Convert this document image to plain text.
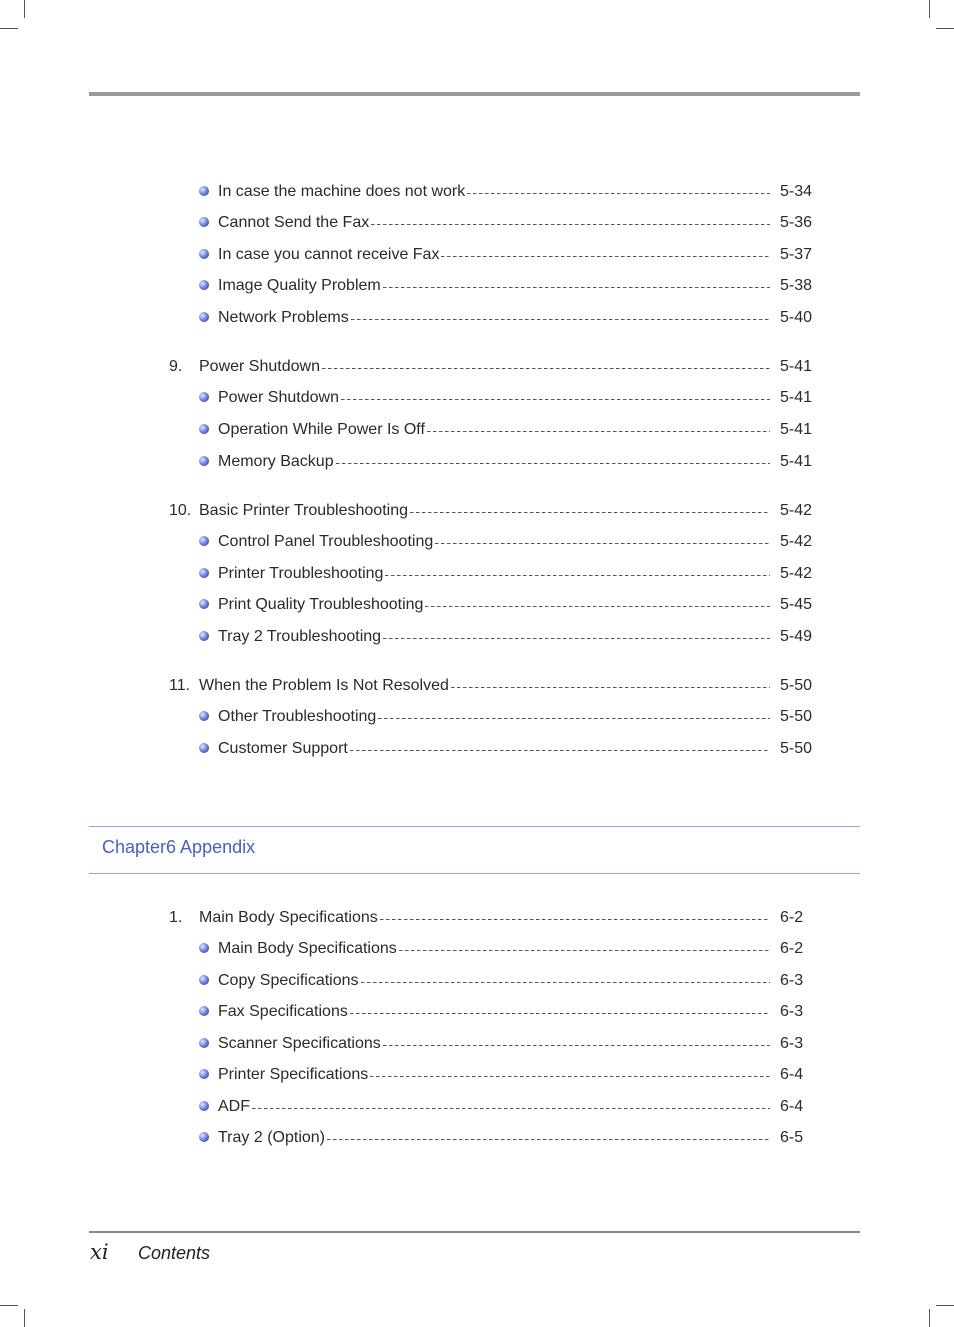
In case the machine does not work	5-34
Cannot Send the Fax	5-36
In case you cannot receive Fax	5-37
Image Quality Problem	5-38
Network Problems	5-40
9. Power Shutdown	5-41
Power Shutdown	5-41
Operation While Power Is Off	5-41
Memory Backup	5-41
10. Basic Printer Troubleshooting	5-42
Control Panel Troubleshooting	5-42
Printer Troubleshooting	5-42
Print Quality Troubleshooting	5-45
Tray 2 Troubleshooting	5-49
11. When the Problem Is Not Resolved	5-50
Other Troubleshooting	5-50
Customer Support	5-50
Chapter6 Appendix
1. Main Body Specifications	6-2
Main Body Specifications	6-2
Copy Specifications	6-3
Fax Specifications	6-3
Scanner Specifications	6-3
Printer Specifications	6-4
ADF	6-4
Tray 2 (Option)	6-5
xi Contents
